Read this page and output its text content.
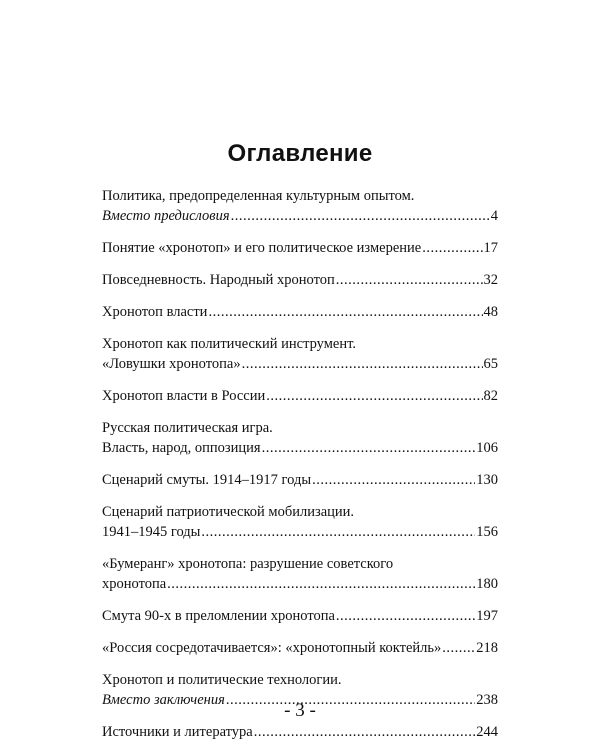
Оглавление
Политика, предопределенная культурным опытом.
Вместо предисловия .....	4
Понятие «хронотоп» и его политическое измерение .....	17
Повседневность. Народный хронотоп .....	32
Хронотоп власти .....	48
Хронотоп как политический инструмент.
«Ловушки хронотопа» .....	65
Хронотоп власти в России .....	82
Русская политическая игра.
Власть, народ, оппозиция .....	106
Сценарий смуты. 1914–1917 годы .....	130
Сценарий патриотической мобилизации.
1941–1945 годы .....	156
«Бумеранг» хронотопа: разрушение советского
хронотопа .....	180
Смута 90-х в преломлении хронотопа .....	197
«Россия сосредотачивается»: «хронотопный коктейль» ..... 218
Хронотоп и политические технологии.
Вместо заключения .....	238
Источники и литература .....	244
- 3 -
